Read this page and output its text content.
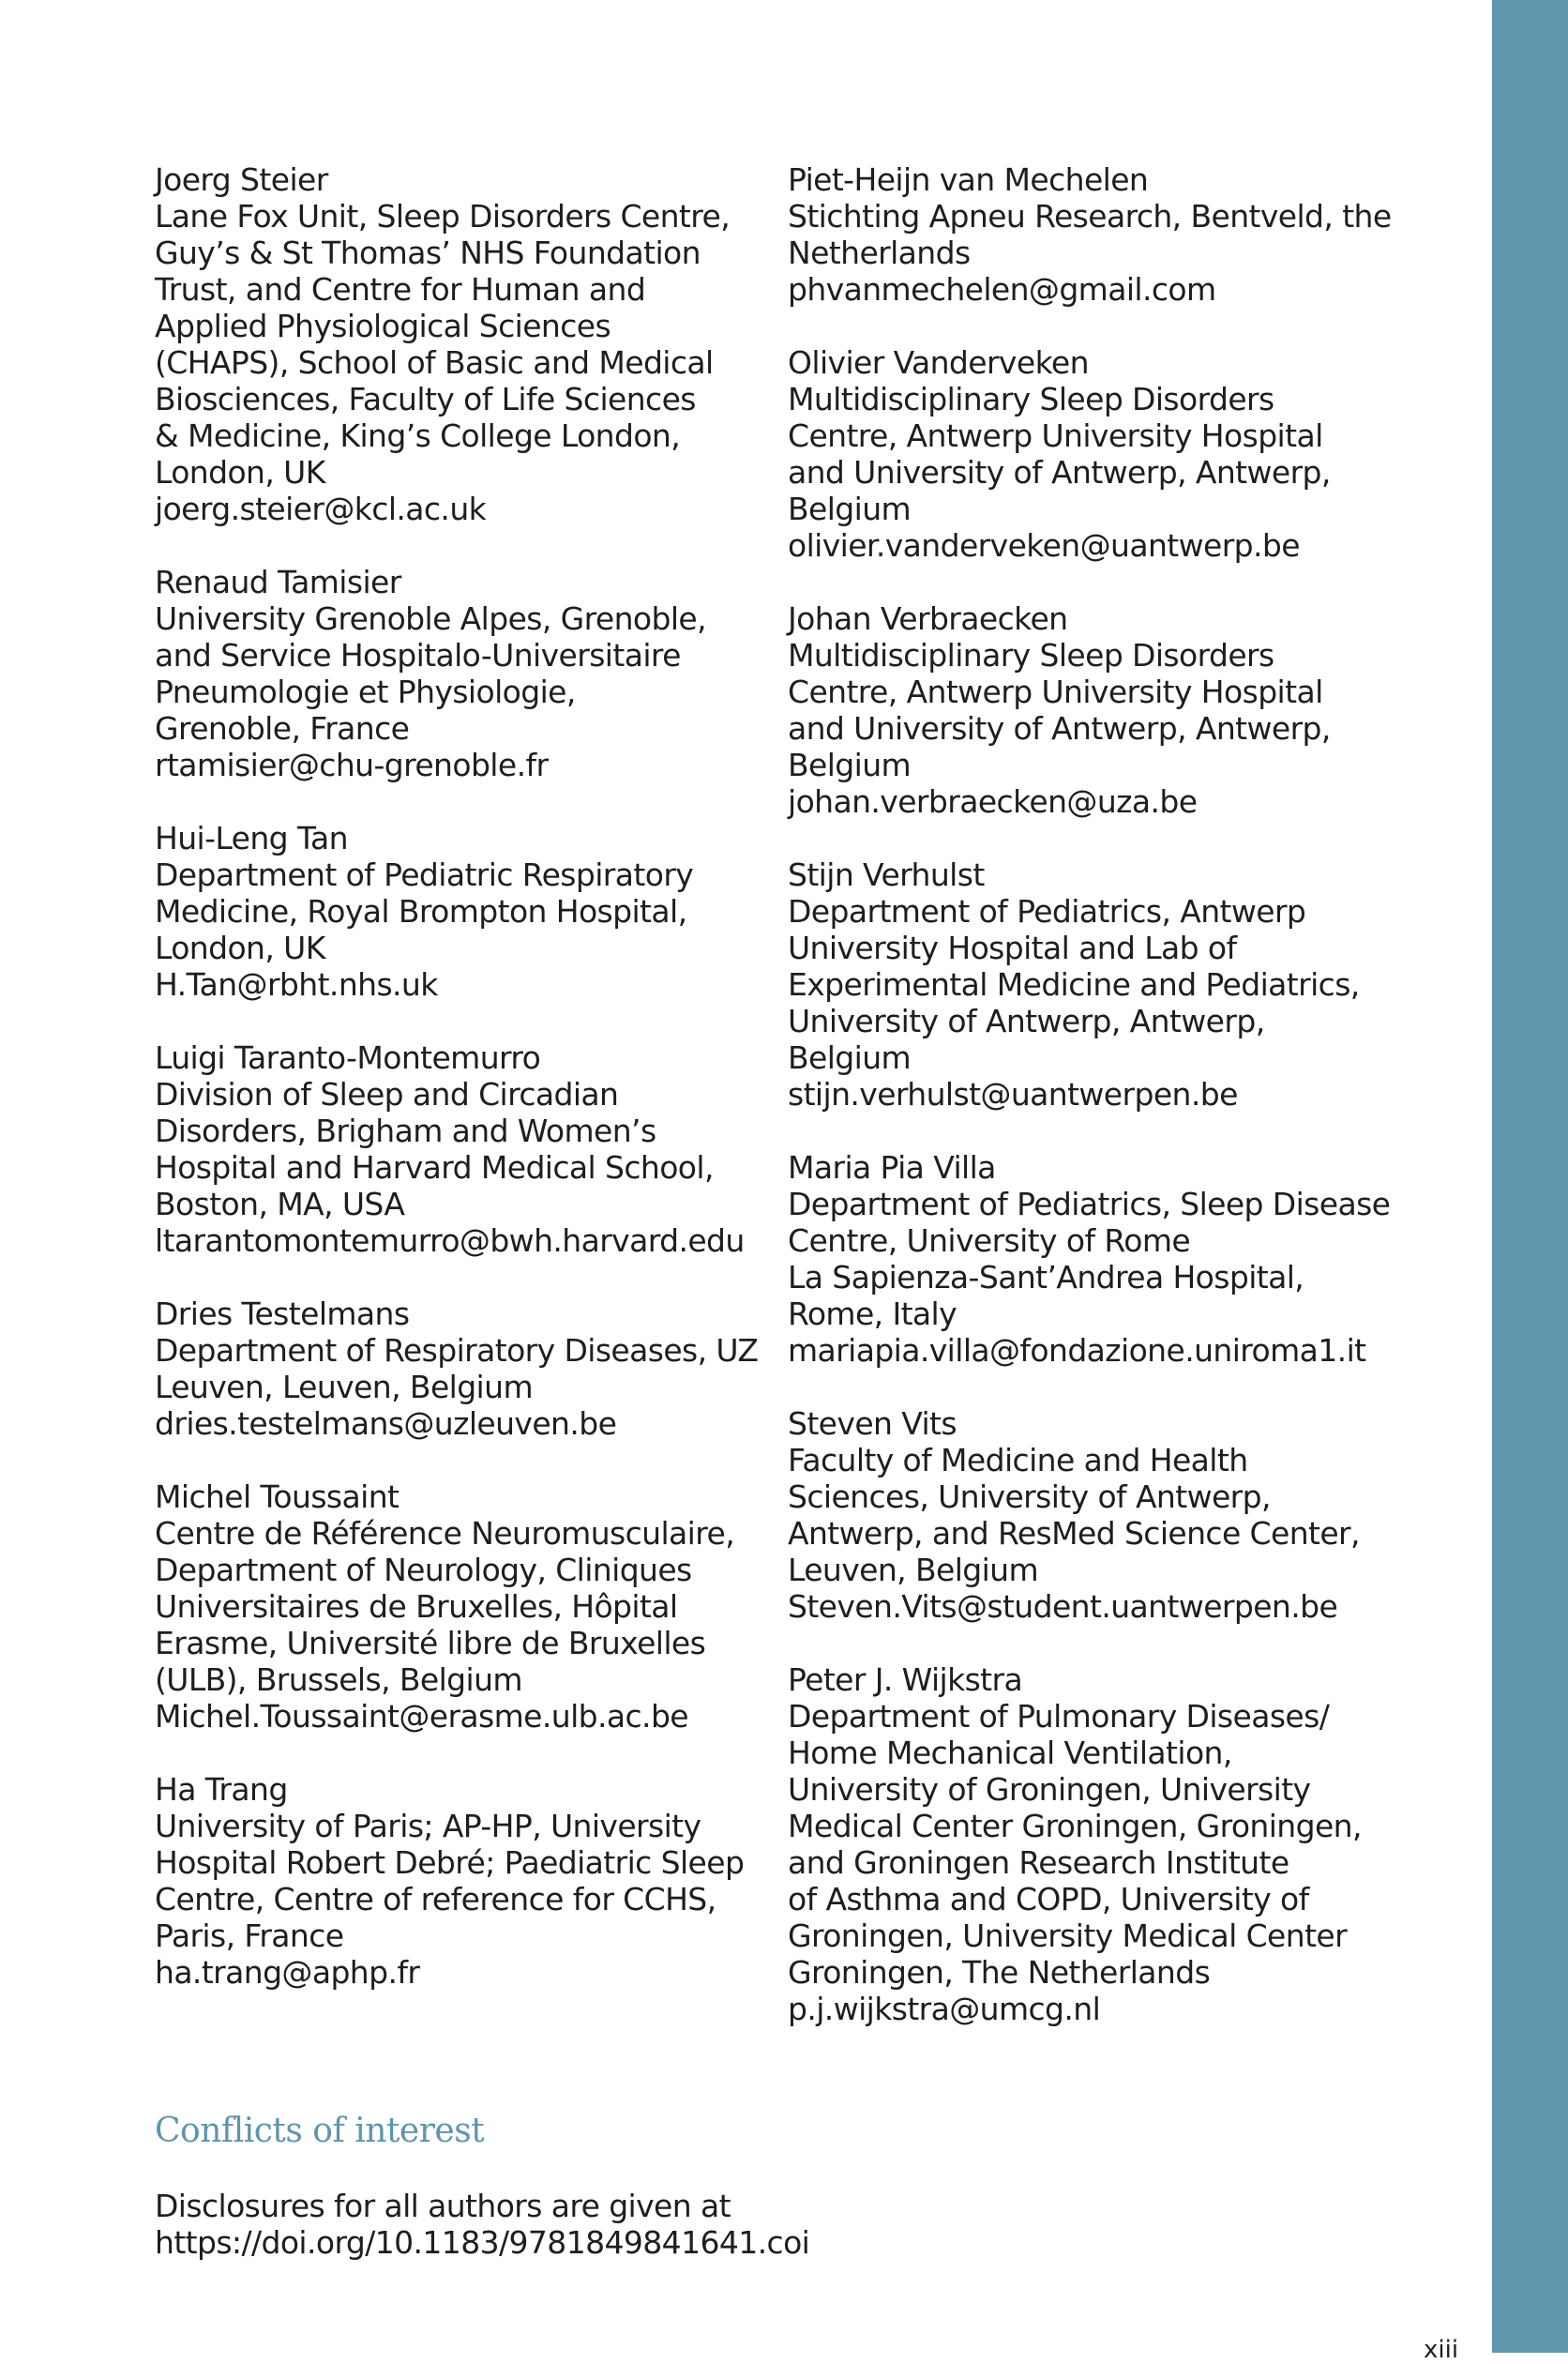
Joerg Steier
Lane Fox Unit, Sleep Disorders Centre,
Guy’s & St Thomas’ NHS Foundation
Trust, and Centre for Human and
Applied Physiological Sciences
(CHAPS), School of Basic and Medical
Biosciences, Faculty of Life Sciences
& Medicine, King’s College London,
London, UK
joerg.steier@kcl.ac.uk
Renaud Tamisier
University Grenoble Alpes, Grenoble,
and Service Hospitalo-Universitaire
Pneumologie et Physiologie,
Grenoble, France
rtamisier@chu-grenoble.fr
Hui-Leng Tan
Department of Pediatric Respiratory
Medicine, Royal Brompton Hospital,
London, UK
H.Tan@rbht.nhs.uk
Luigi Taranto-Montemurro
Division of Sleep and Circadian
Disorders, Brigham and Women’s
Hospital and Harvard Medical School,
Boston, MA, USA
ltarantomontemurro@bwh.harvard.edu
Dries Testelmans
Department of Respiratory Diseases, UZ
Leuven, Leuven, Belgium
dries.testelmans@uzleuven.be
Michel Toussaint
Centre de Référence Neuromusculaire,
Department of Neurology, Cliniques
Universitaires de Bruxelles, Hôpital
Erasme, Université libre de Bruxelles
(ULB), Brussels, Belgium
Michel.Toussaint@erasme.ulb.ac.be
Ha Trang
University of Paris; AP-HP, University
Hospital Robert Debré; Paediatric Sleep
Centre, Centre of reference for CCHS,
Paris, France
ha.trang@aphp.fr
Piet-Heijn van Mechelen
Stichting Apneu Research, Bentveld, the
Netherlands
phvanmechelen@gmail.com
Olivier Vanderveken
Multidisciplinary Sleep Disorders
Centre, Antwerp University Hospital
and University of Antwerp, Antwerp,
Belgium
olivier.vanderveken@uantwerp.be
Johan Verbraecken
Multidisciplinary Sleep Disorders
Centre, Antwerp University Hospital
and University of Antwerp, Antwerp,
Belgium
johan.verbraecken@uza.be
Stijn Verhulst
Department of Pediatrics, Antwerp
University Hospital and Lab of
Experimental Medicine and Pediatrics,
University of Antwerp, Antwerp,
Belgium
stijn.verhulst@uantwerpen.be
Maria Pia Villa
Department of Pediatrics, Sleep Disease
Centre, University of Rome
La Sapienza-Sant’Andrea Hospital,
Rome, Italy
mariapia.villa@fondazione.uniroma1.it
Steven Vits
Faculty of Medicine and Health
Sciences, University of Antwerp,
Antwerp, and ResMed Science Center,
Leuven, Belgium
Steven.Vits@student.uantwerpen.be
Peter J. Wijkstra
Department of Pulmonary Diseases/
Home Mechanical Ventilation,
University of Groningen, University
Medical Center Groningen, Groningen,
and Groningen Research Institute
of Asthma and COPD, University of
Groningen, University Medical Center
Groningen, The Netherlands
p.j.wijkstra@umcg.nl
Conflicts of interest
Disclosures for all authors are given at
https://doi.org/10.1183/9781849841641.coi
xiii
